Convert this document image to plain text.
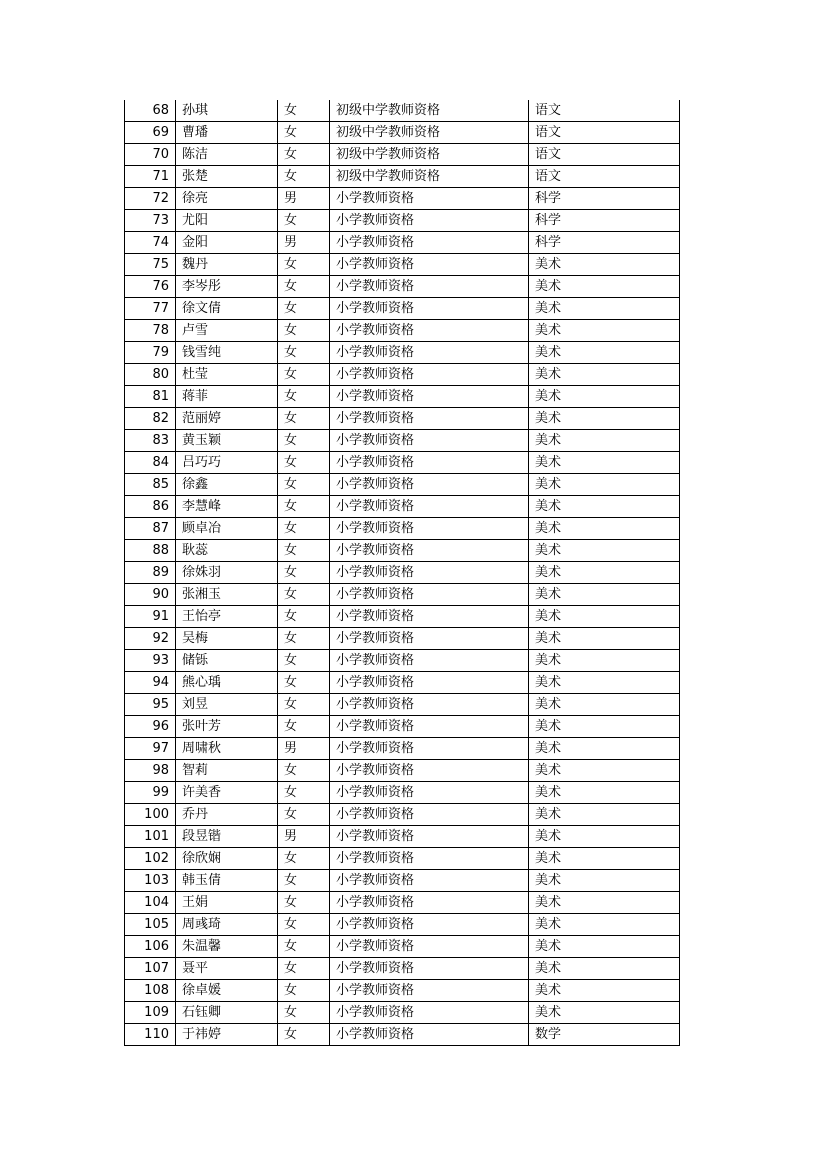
68	孙琪	女	初级中学教师资格	语文
69	曹璠	女	初级中学教师资格	语文
70	陈洁	女	初级中学教师资格	语文
71	张楚	女	初级中学教师资格	语文
72	徐亮	男	小学教师资格	科学
73	尤阳	女	小学教师资格	科学
74	金阳	男	小学教师资格	科学
75	魏丹	女	小学教师资格	美术
76	李岑彤	女	小学教师资格	美术
77	徐文倩	女	小学教师资格	美术
78	卢雪	女	小学教师资格	美术
79	钱雪纯	女	小学教师资格	美术
80	杜莹	女	小学教师资格	美术
81	蒋菲	女	小学教师资格	美术
82	范丽婷	女	小学教师资格	美术
83	黄玉颖	女	小学教师资格	美术
84	吕巧巧	女	小学教师资格	美术
85	徐鑫	女	小学教师资格	美术
86	李慧峰	女	小学教师资格	美术
87	顾卓冶	女	小学教师资格	美术
88	耿蕊	女	小学教师资格	美术
89	徐姝羽	女	小学教师资格	美术
90	张湘玉	女	小学教师资格	美术
91	王怡亭	女	小学教师资格	美术
92	吴梅	女	小学教师资格	美术
93	储铄	女	小学教师资格	美术
94	熊心瑀	女	小学教师资格	美术
95	刘昱	女	小学教师资格	美术
96	张叶芳	女	小学教师资格	美术
97	周啸秋	男	小学教师资格	美术
98	智莉	女	小学教师资格	美术
99	许美香	女	小学教师资格	美术
100	乔丹	女	小学教师资格	美术
101	段昱锴	男	小学教师资格	美术
102	徐欣娴	女	小学教师资格	美术
103	韩玉倩	女	小学教师资格	美术
104	王娟	女	小学教师资格	美术
105	周彧琦	女	小学教师资格	美术
106	朱温馨	女	小学教师资格	美术
107	聂平	女	小学教师资格	美术
108	徐卓媛	女	小学教师资格	美术
109	石钰卿	女	小学教师资格	美术
110	于祎婷	女	小学教师资格	数学
